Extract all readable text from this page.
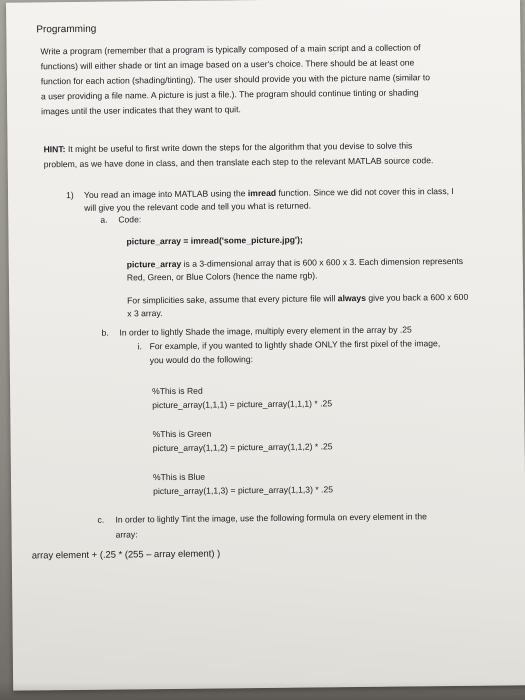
Programming
Write a program (remember that a program is typically composed of a main script and a collection of
functions) will either shade or tint an image based on a user's choice. There should be at least one
function for each action (shading/tinting). The user should provide you with the picture name (similar to
a user providing a file name. A picture is just a file.). The program should continue tinting or shading
images until the user indicates that they want to quit.
HINT: It might be useful to first write down the steps for the algorithm that you devise to solve this
problem, as we have done in class, and then translate each step to the relevant MATLAB source code.
1) You read an image into MATLAB using the imread function. Since we did not cover this in class, I
will give you the relevant code and tell you what is returned.
a. Code:
picture_array = imread('some_picture.jpg');
picture_array is a 3-dimensional array that is 600 x 600 x 3. Each dimension represents
Red, Green, or Blue Colors (hence the name rgb).
For simplicities sake, assume that every picture file will always give you back a 600 x 600
x 3 array.
b. In order to lightly Shade the image, multiply every element in the array by .25
i. For example, if you wanted to lightly shade ONLY the first pixel of the image,
you would do the following:
%This is Red
picture_array(1,1,1) = picture_array(1,1,1) * .25
%This is Green
picture_array(1,1,2) = picture_array(1,1,2) * .25
%This is Blue
picture_array(1,1,3) = picture_array(1,1,3) * .25
c. In order to lightly Tint the image, use the following formula on every element in the
array:
array element + (.25 * (255 – array element) )
